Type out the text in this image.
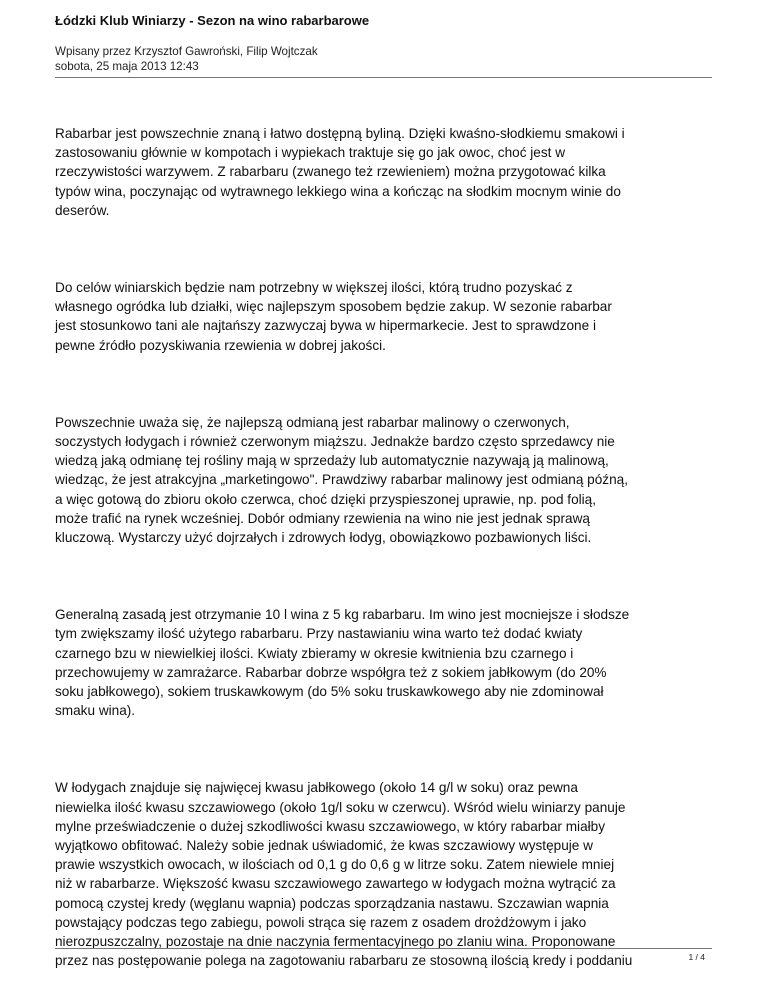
Łódzki Klub Winiarzy - Sezon na wino rabarbarowe
Wpisany przez Krzysztof Gawroński, Filip Wojtczak
sobota, 25 maja 2013 12:43

Rabarbar jest powszechnie znaną i łatwo dostępną byliną. Dzięki kwaśno-słodkiemu smakowi i
zastosowaniu głównie w kompotach i wypiekach traktuje się go jak owoc, choć jest w
rzeczywistości warzywem. Z rabarbaru (zwanego też rzewieniem) można przygotować kilka
typów wina, poczynając od wytrawnego lekkiego wina a kończąc na słodkim mocnym winie do
deserów.

Do celów winiarskich będzie nam potrzebny w większej ilości, którą trudno pozyskać z
własnego ogródka lub działki, więc najlepszym sposobem będzie zakup. W sezonie rabarbar
jest stosunkowo tani ale najtańszy zazwyczaj bywa w hipermarkecie. Jest to sprawdzone i
pewne źródło pozyskiwania rzewienia w dobrej jakości.

Powszechnie uważa się, że najlepszą odmianą jest rabarbar malinowy o czerwonych,
soczystych łodygach i również czerwonym miąższu. Jednakże bardzo często sprzedawcy nie
wiedzą jaką odmianę tej rośliny mają w sprzedaży lub automatycznie nazywają ją malinową,
wiedząc, że jest atrakcyjna „marketingowo". Prawdziwy rabarbar malinowy jest odmianą późną,
a więc gotową do zbioru około czerwca, choć dzięki przyspieszonej uprawie, np. pod folią,
może trafić na rynek wcześniej. Dobór odmiany rzewienia na wino nie jest jednak sprawą
kluczową. Wystarczy użyć dojrzałych i zdrowych łodyg, obowiązkowo pozbawionych liści.

Generalną zasadą jest otrzymanie 10 l wina z 5 kg rabarbaru. Im wino jest mocniejsze i słodsze
tym zwiększamy ilość użytego rabarbaru. Przy nastawianiu wina warto też dodać kwiaty
czarnego bzu w niewielkiej ilości. Kwiaty zbieramy w okresie kwitnienia bzu czarnego i
przechowujemy w zamrażarce. Rabarbar dobrze współgra też z sokiem jabłkowym (do 20%
soku jabłkowego), sokiem truskawkowym (do 5% soku truskawkowego aby nie zdominował
smaku wina).

W łodygach znajduje się najwięcej kwasu jabłkowego (około 14 g/l w soku) oraz pewna
niewielka ilość kwasu szczawiowego (około 1g/l soku w czerwcu). Wśród wielu winiarzy panuje
mylne przeświadczenie o dużej szkodliwości kwasu szczawiowego, w który rabarbar miałby
wyjątkowo obfitować. Należy sobie jednak uświadomić, że kwas szczawiowy występuje w
prawie wszystkich owocach, w ilościach od 0,1 g do 0,6 g w litrze soku. Zatem niewiele mniej
niż w rabarbarze. Większość kwasu szczawiowego zawartego w łodygach można wytrącić za
pomocą czystej kredy (węglanu wapnia) podczas sporządzania nastawu. Szczawian wapnia
powstający podczas tego zabiegu, powoli strąca się razem z osadem drożdżowym i jako
nierozpuszczalny, pozostaje na dnie naczynia fermentacyjnego po zlaniu wina. Proponowane
przez nas postępowanie polega na zagotowaniu rabarbaru ze stosowną ilością kredy i poddaniu	1 / 4
